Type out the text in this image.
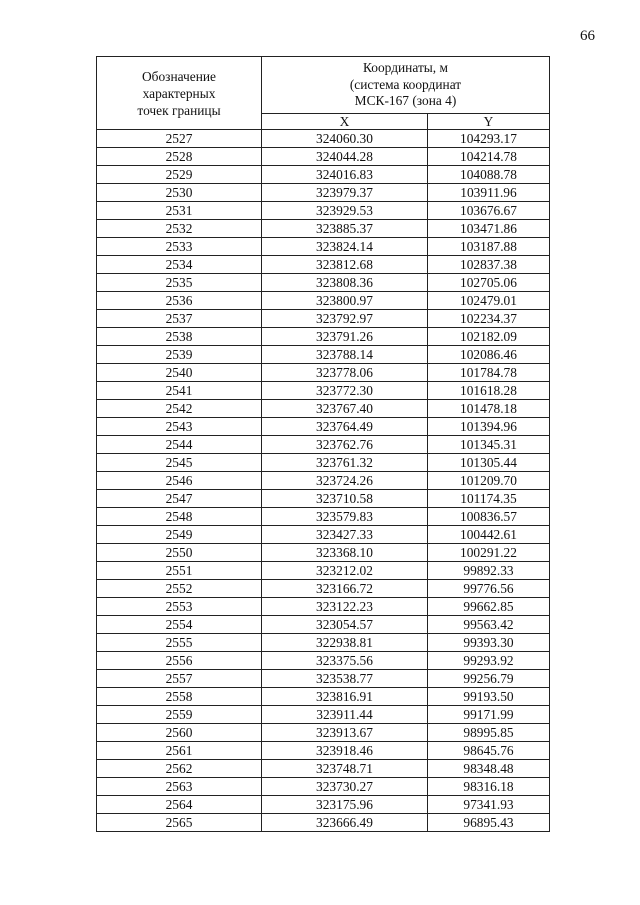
66
Обозначение
характерных
точек границы	Координаты, м
(система координат
МСК-167 (зона 4)	
	X	Y
2527	324060.30	104293.17
2528	324044.28	104214.78
2529	324016.83	104088.78
2530	323979.37	103911.96
2531	323929.53	103676.67
2532	323885.37	103471.86
2533	323824.14	103187.88
2534	323812.68	102837.38
2535	323808.36	102705.06
2536	323800.97	102479.01
2537	323792.97	102234.37
2538	323791.26	102182.09
2539	323788.14	102086.46
2540	323778.06	101784.78
2541	323772.30	101618.28
2542	323767.40	101478.18
2543	323764.49	101394.96
2544	323762.76	101345.31
2545	323761.32	101305.44
2546	323724.26	101209.70
2547	323710.58	101174.35
2548	323579.83	100836.57
2549	323427.33	100442.61
2550	323368.10	100291.22
2551	323212.02	99892.33
2552	323166.72	99776.56
2553	323122.23	99662.85
2554	323054.57	99563.42
2555	322938.81	99393.30
2556	323375.56	99293.92
2557	323538.77	99256.79
2558	323816.91	99193.50
2559	323911.44	99171.99
2560	323913.67	98995.85
2561	323918.46	98645.76
2562	323748.71	98348.48
2563	323730.27	98316.18
2564	323175.96	97341.93
2565	323666.49	96895.43
